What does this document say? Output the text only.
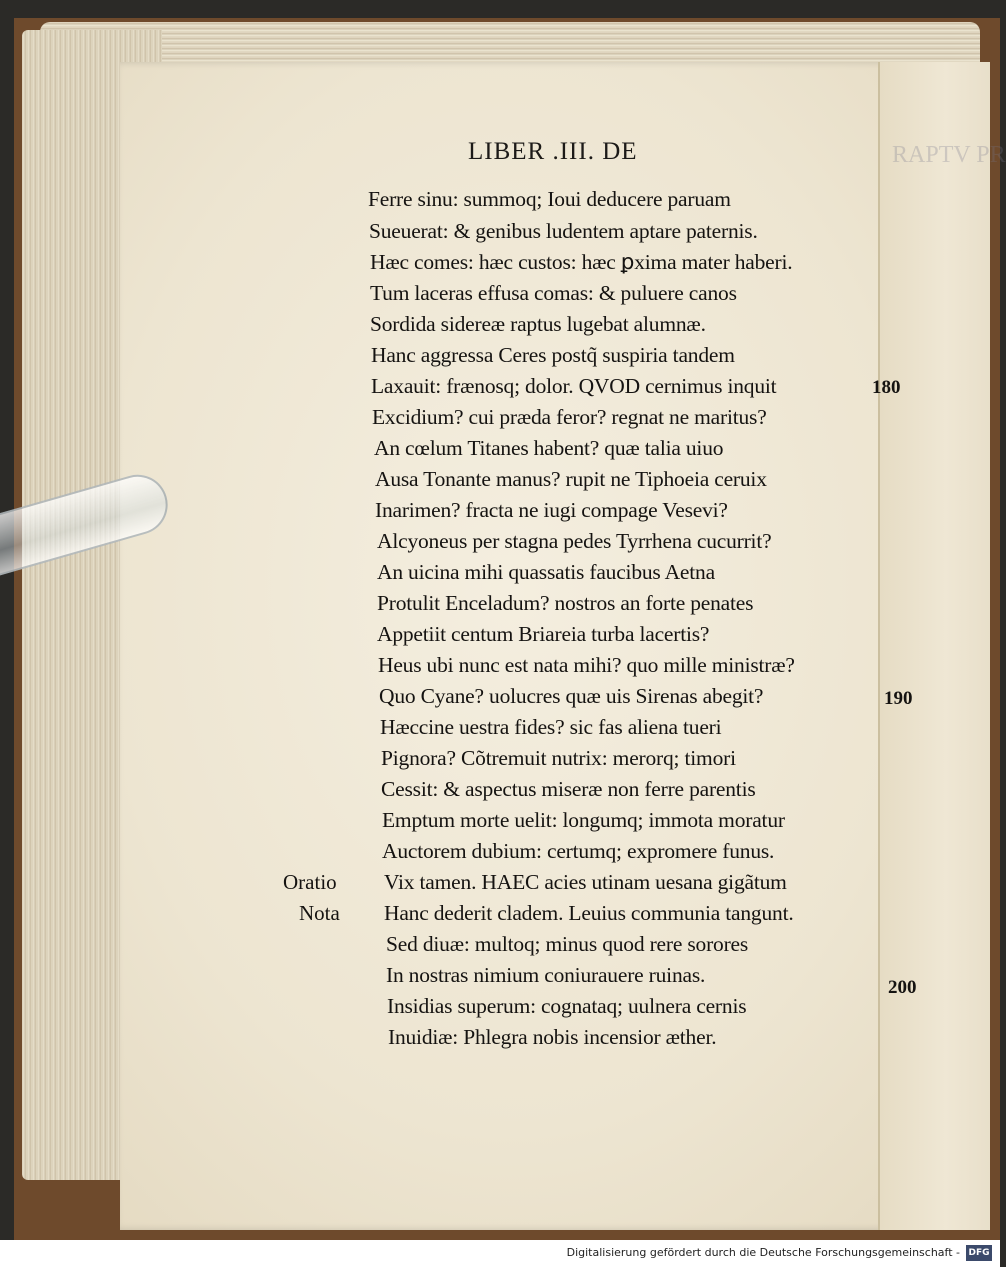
RAPTV PR
LIBER .III. DE
Ferre sinu: summoq; Ioui deducere paruam
Sueuerat: & genibus ludentem aptare paternis.
Hæc comes: hæc custos: hæc ꝑxima mater haberi.
Tum laceras effusa comas: & puluere canos
Sordida sidereæ raptus lugebat alumnæ.
Hanc aggressa Ceres postq̃ suspiria tandem
Laxauit: frænosq; dolor. QVOD cernimus inquit
Excidium? cui præda feror? regnat ne maritus?
An cœlum Titanes habent? quæ talia uiuo
Ausa Tonante manus? rupit ne Tiphoeia ceruix
Inarimen? fracta ne iugi compage Vesevi?
Alcyoneus per stagna pedes Tyrrhena cucurrit?
An uicina mihi quassatis faucibus Aetna
Protulit Enceladum? nostros an forte penates
Appetiit centum Briareia turba lacertis?
Heus ubi nunc est nata mihi? quo mille ministræ?
Quo Cyane? uolucres quæ uis Sirenas abegit?
Hæccine uestra fides? sic fas aliena tueri
Pignora? Cõtremuit nutrix: merorq; timori
Cessit: & aspectus miseræ non ferre parentis
Emptum morte uelit: longumq; immota moratur
Auctorem dubium: certumq; expromere funus.
Vix tamen. HAEC acies utinam uesana gigãtum
Hanc dederit cladem. Leuius communia tangunt.
Sed diuæ: multoq; minus quod rere sorores
In nostras nimium coniurauere ruinas.
Insidias superum: cognataq; uulnera cernis
Inuidiæ: Phlegra nobis incensior æther.
Oratio
Nota
180
190
200
Digitalisierung gefördert durch die Deutsche Forschungsgemeinschaft - DFG
